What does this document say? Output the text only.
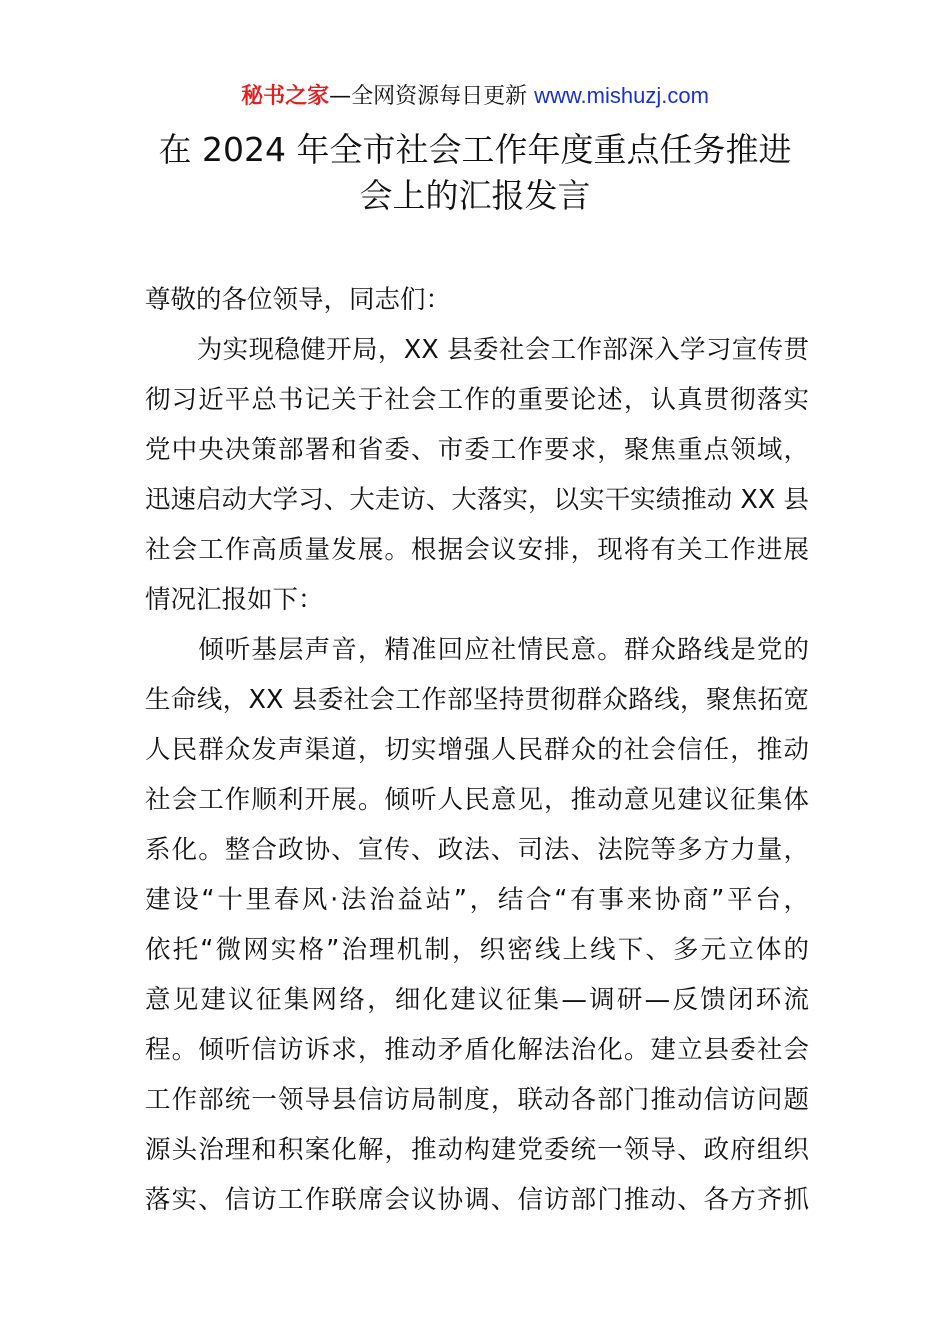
秘书之家—全网资源每日更新 www.mishuzj.com
在 2024 年全市社会工作年度重点任务推进
会上的汇报发言
尊敬的各位领导，同志们：
　　为实现稳健开局，XX 县委社会工作部深入学习宣传贯
彻习近平总书记关于社会工作的重要论述，认真贯彻落实
党中央决策部署和省委、市委工作要求，聚焦重点领域，
迅速启动大学习、大走访、大落实，以实干实绩推动 XX 县
社会工作高质量发展。根据会议安排，现将有关工作进展
情况汇报如下：
　　倾听基层声音，精准回应社情民意。群众路线是党的
生命线，XX 县委社会工作部坚持贯彻群众路线，聚焦拓宽
人民群众发声渠道，切实增强人民群众的社会信任，推动
社会工作顺利开展。倾听人民意见，推动意见建议征集体
系化。整合政协、宣传、政法、司法、法院等多方力量，
建设“十里春风·法治益站”，结合“有事来协商”平台，
依托“微网实格”治理机制，织密线上线下、多元立体的
意见建议征集网络，细化建议征集—调研—反馈闭环流
程。倾听信访诉求，推动矛盾化解法治化。建立县委社会
工作部统一领导县信访局制度，联动各部门推动信访问题
源头治理和积案化解，推动构建党委统一领导、政府组织
落实、信访工作联席会议协调、信访部门推动、各方齐抓
